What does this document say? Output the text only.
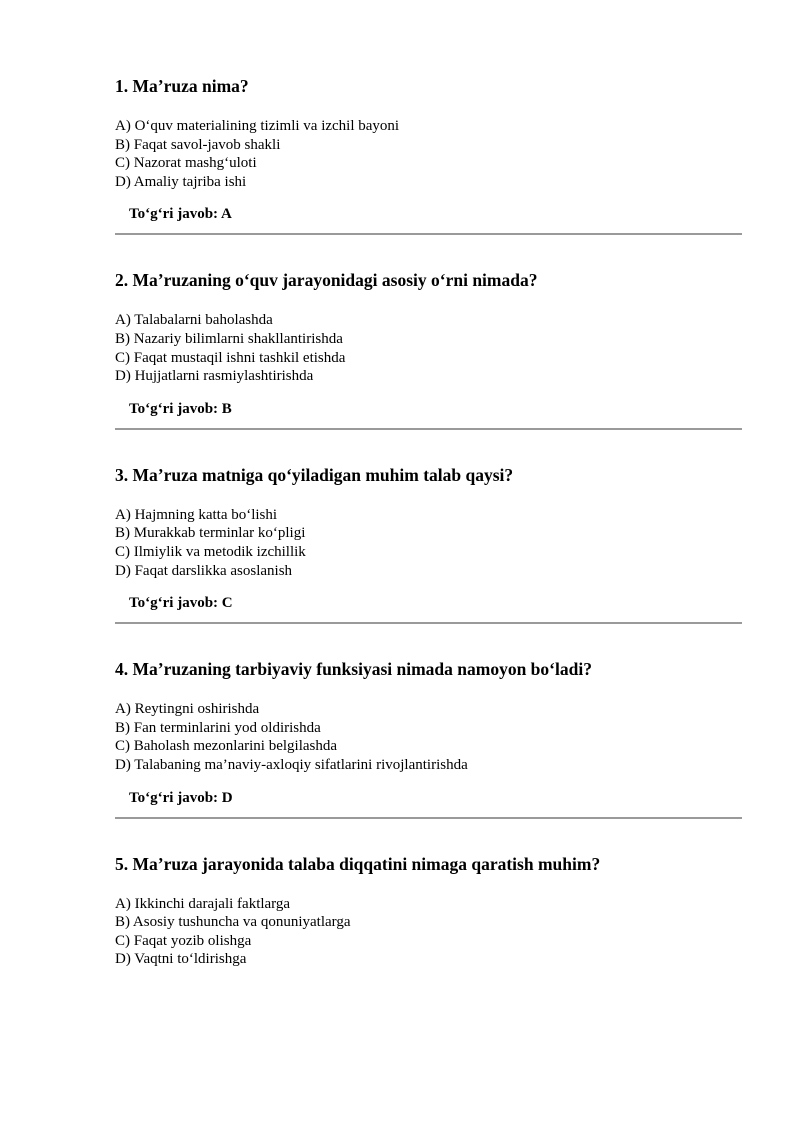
1. Ma’ruza nima?
A) O‘quv materialining tizimli va izchil bayoni
B) Faqat savol-javob shakli
C) Nazorat mashg‘uloti
D) Amaliy tajriba ishi
To‘g‘ri javob: A
2. Ma’ruzaning o‘quv jarayonidagi asosiy o‘rni nimada?
A) Talabalarni baholashda
B) Nazariy bilimlarni shakllantirishda
C) Faqat mustaqil ishni tashkil etishda
D) Hujjatlarni rasmiylashtirishda
To‘g‘ri javob: B
3. Ma’ruza matniga qo‘yiladigan muhim talab qaysi?
A) Hajmning katta bo‘lishi
B) Murakkab terminlar ko‘pligi
C) Ilmiylik va metodik izchillik
D) Faqat darslikka asoslanish
To‘g‘ri javob: C
4. Ma’ruzaning tarbiyaviy funksiyasi nimada namoyon bo‘ladi?
A) Reytingni oshirishda
B) Fan terminlarini yod oldirishda
C) Baholash mezonlarini belgilashda
D) Talabaning ma’naviy-axloqiy sifatlarini rivojlantirishda
To‘g‘ri javob: D
5. Ma’ruza jarayonida talaba diqqatini nimaga qaratish muhim?
A) Ikkinchi darajali faktlarga
B) Asosiy tushuncha va qonuniyatlarga
C) Faqat yozib olishga
D) Vaqtni to‘ldirishga
